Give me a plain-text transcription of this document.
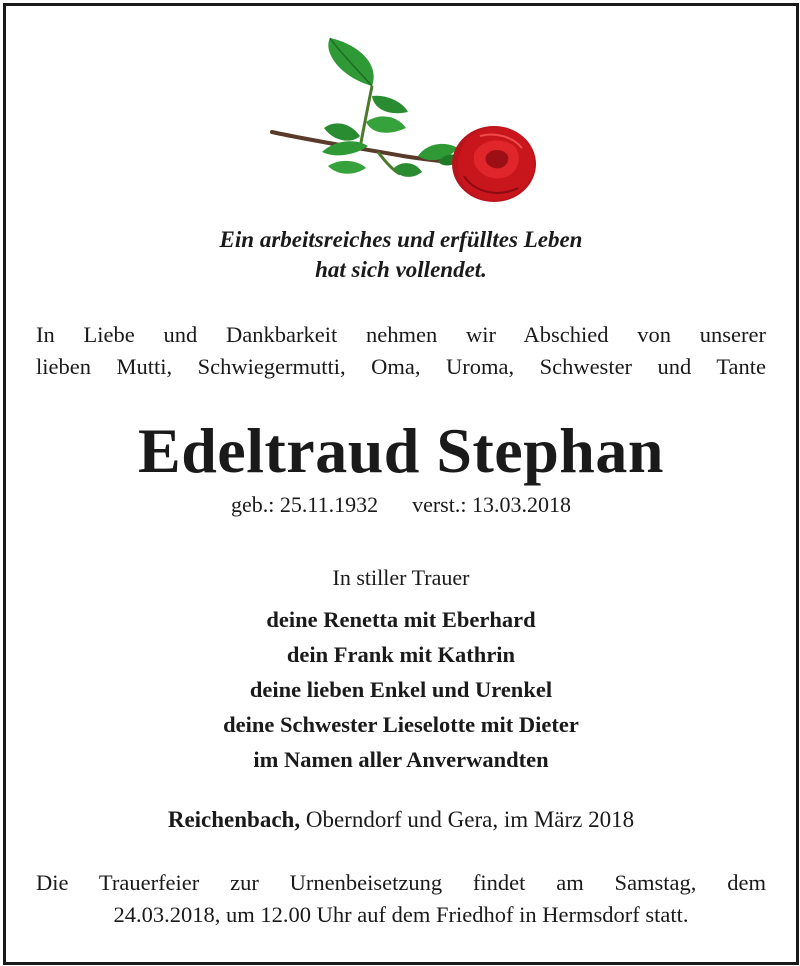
Ein arbeitsreiches und erfülltes Leben
hat sich vollendet.
In Liebe und Dankbarkeit nehmen wir Abschied von unserer
lieben Mutti, Schwiegermutti, Oma, Uroma, Schwester und Tante
Edeltraud Stephan
geb.: 25.11.1932 verst.: 13.03.2018
In stiller Trauer
deine Renetta mit Eberhard
dein Frank mit Kathrin
deine lieben Enkel und Urenkel
deine Schwester Lieselotte mit Dieter
im Namen aller Anverwandten
Reichenbach, Oberndorf und Gera, im März 2018
Die Trauerfeier zur Urnenbeisetzung findet am Samstag, dem
24.03.2018, um 12.00 Uhr auf dem Friedhof in Hermsdorf statt.
